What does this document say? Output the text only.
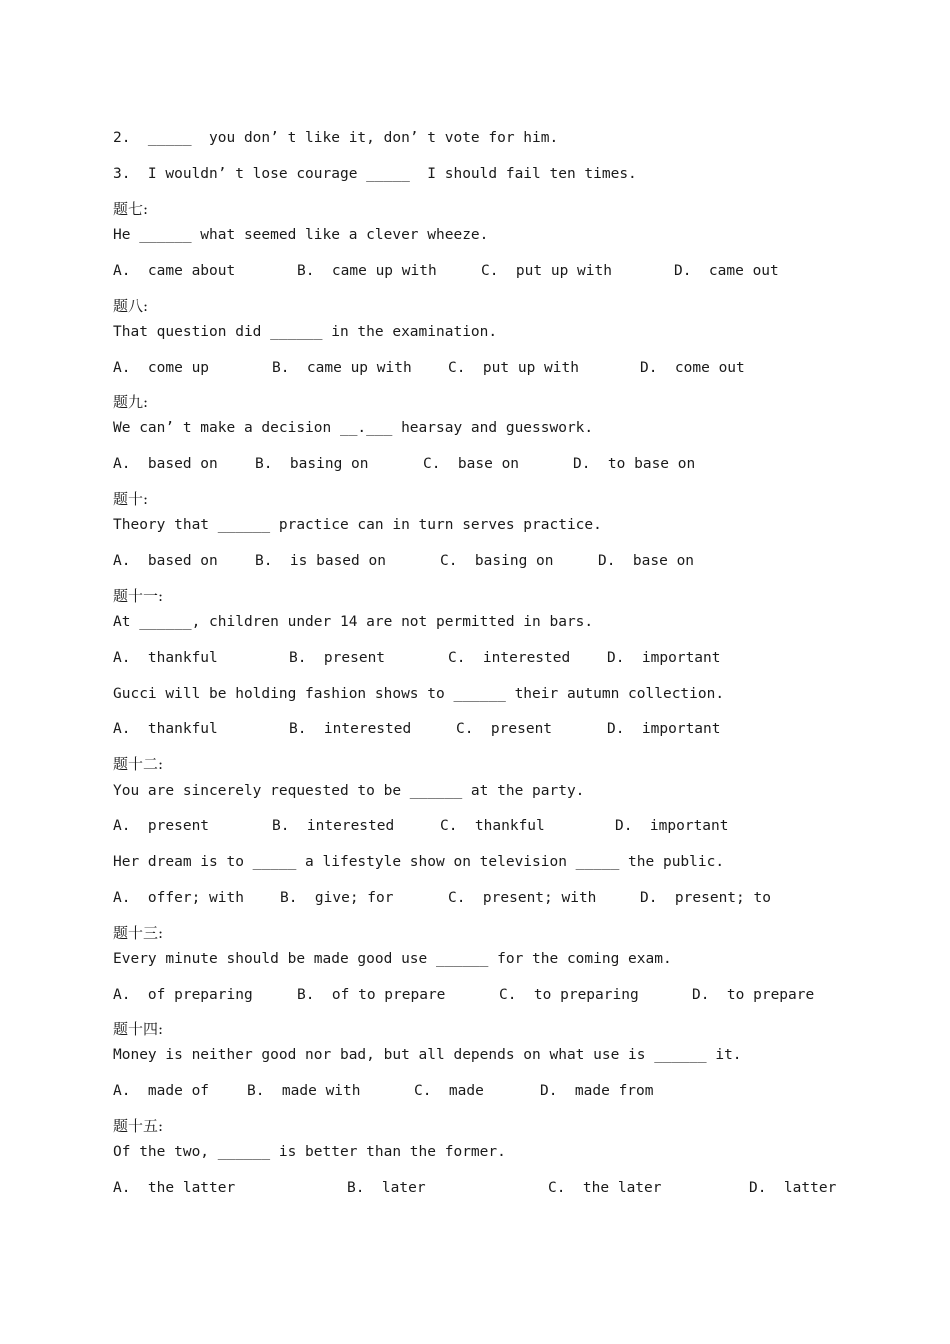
2.  _____  you don’ t like it, don’ t vote for him.
3.  I wouldn’ t lose courage _____  I should fail ten times.
题七:
He ______ what seemed like a clever wheeze.
A.  came about	B.  came up with	C.  put up with	D.  came out
题八:
That question did ______ in the examination.
A.  come up	B.  came up with	C.  put up with	D.  come out
题九:
We can’ t make a decision __.___ hearsay and guesswork.
A.  based on	B.  basing on	C.  base on	D.  to base on
题十:
Theory that ______ practice can in turn serves practice.
A.  based on	B.  is based on	C.  basing on	D.  base on
题十一:
At ______, children under 14 are not permitted in bars.
A.  thankful	B.  present	C.  interested	D.  important
Gucci will be holding fashion shows to ______ their autumn collection.
A.  thankful	B.  interested	C.  present	D.  important
题十二:
You are sincerely requested to be ______ at the party.
A.  present	B.  interested	C.  thankful	D.  important
Her dream is to _____ a lifestyle show on television _____ the public.
A.  offer; with B.  give; for	C.  present; with	D.  present; to
题十三:
Every minute should be made good use ______ for the coming exam.
A.  of preparing	B.  of to prepare	C.  to preparing	D.  to prepare
题十四:
Money is neither good nor bad, but all depends on what use is ______ it.
A.  made of	B.  made with	C.  made	D.  made from
题十五:
Of the two, ______ is better than the former.
A.  the latter	B.  later	C.  the later	D.  latter
